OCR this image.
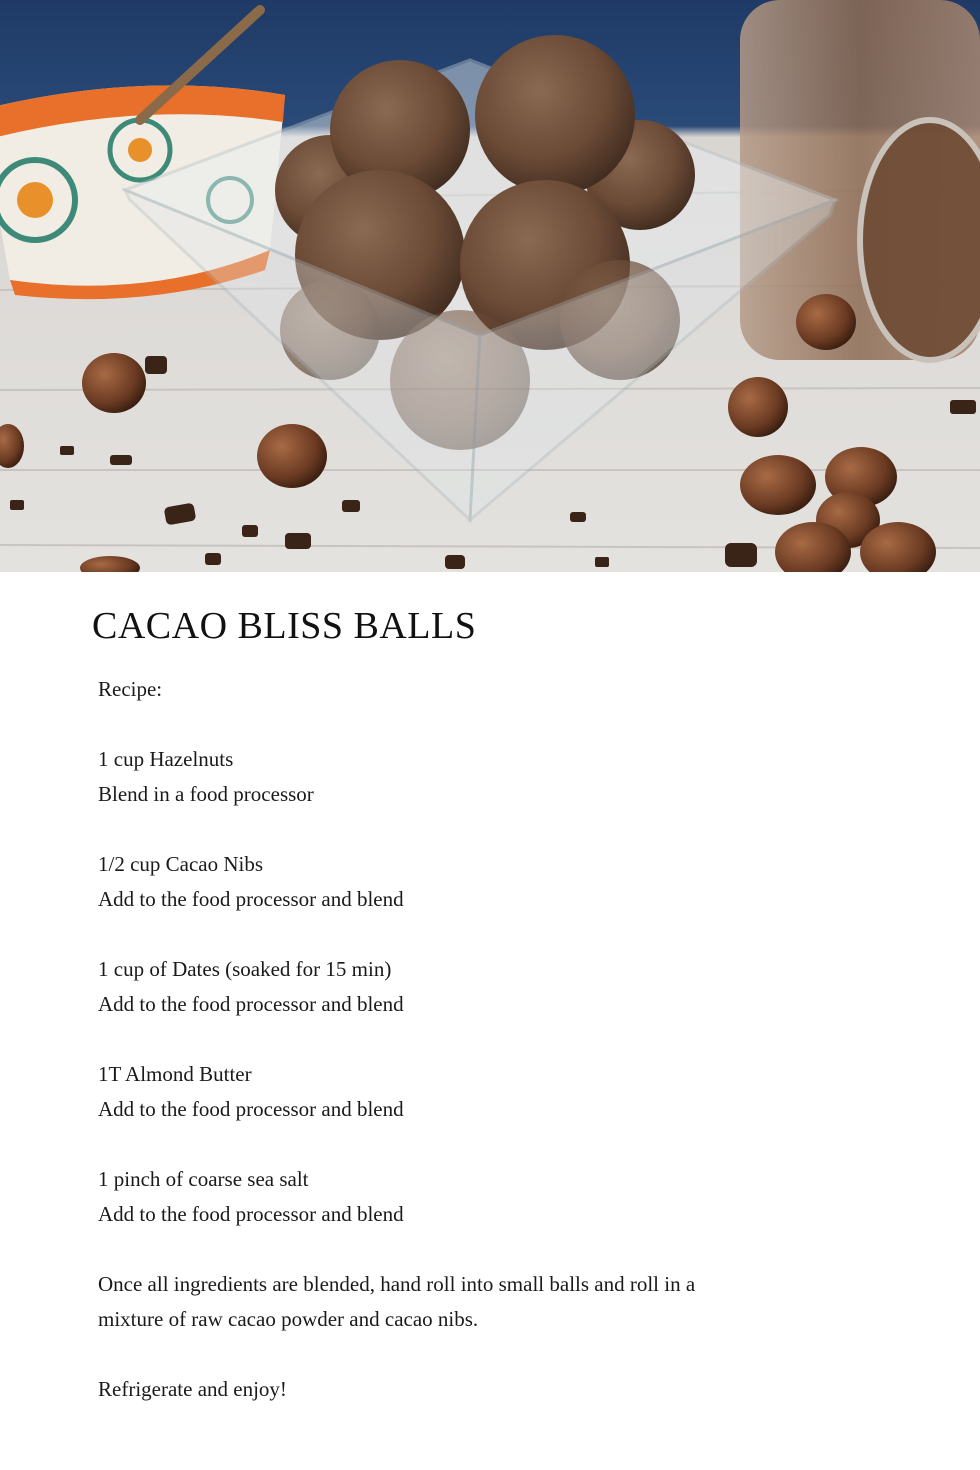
CACAO BLISS BALLS

Recipe:

1 cup Hazelnuts

Blend in a food processor

1/2 cup Cacao Nibs

Add to the food processor and blend

1 cup of Dates (soaked for 15 min)

Add to the food processor and blend

1T Almond Butter

Add to the food processor and blend

1 pinch of coarse sea salt

Add to the food processor and blend

Once all ingredients are blended, hand roll into small balls and roll in a

mixture of raw cacao powder and cacao nibs.

Refrigerate and enjoy!
